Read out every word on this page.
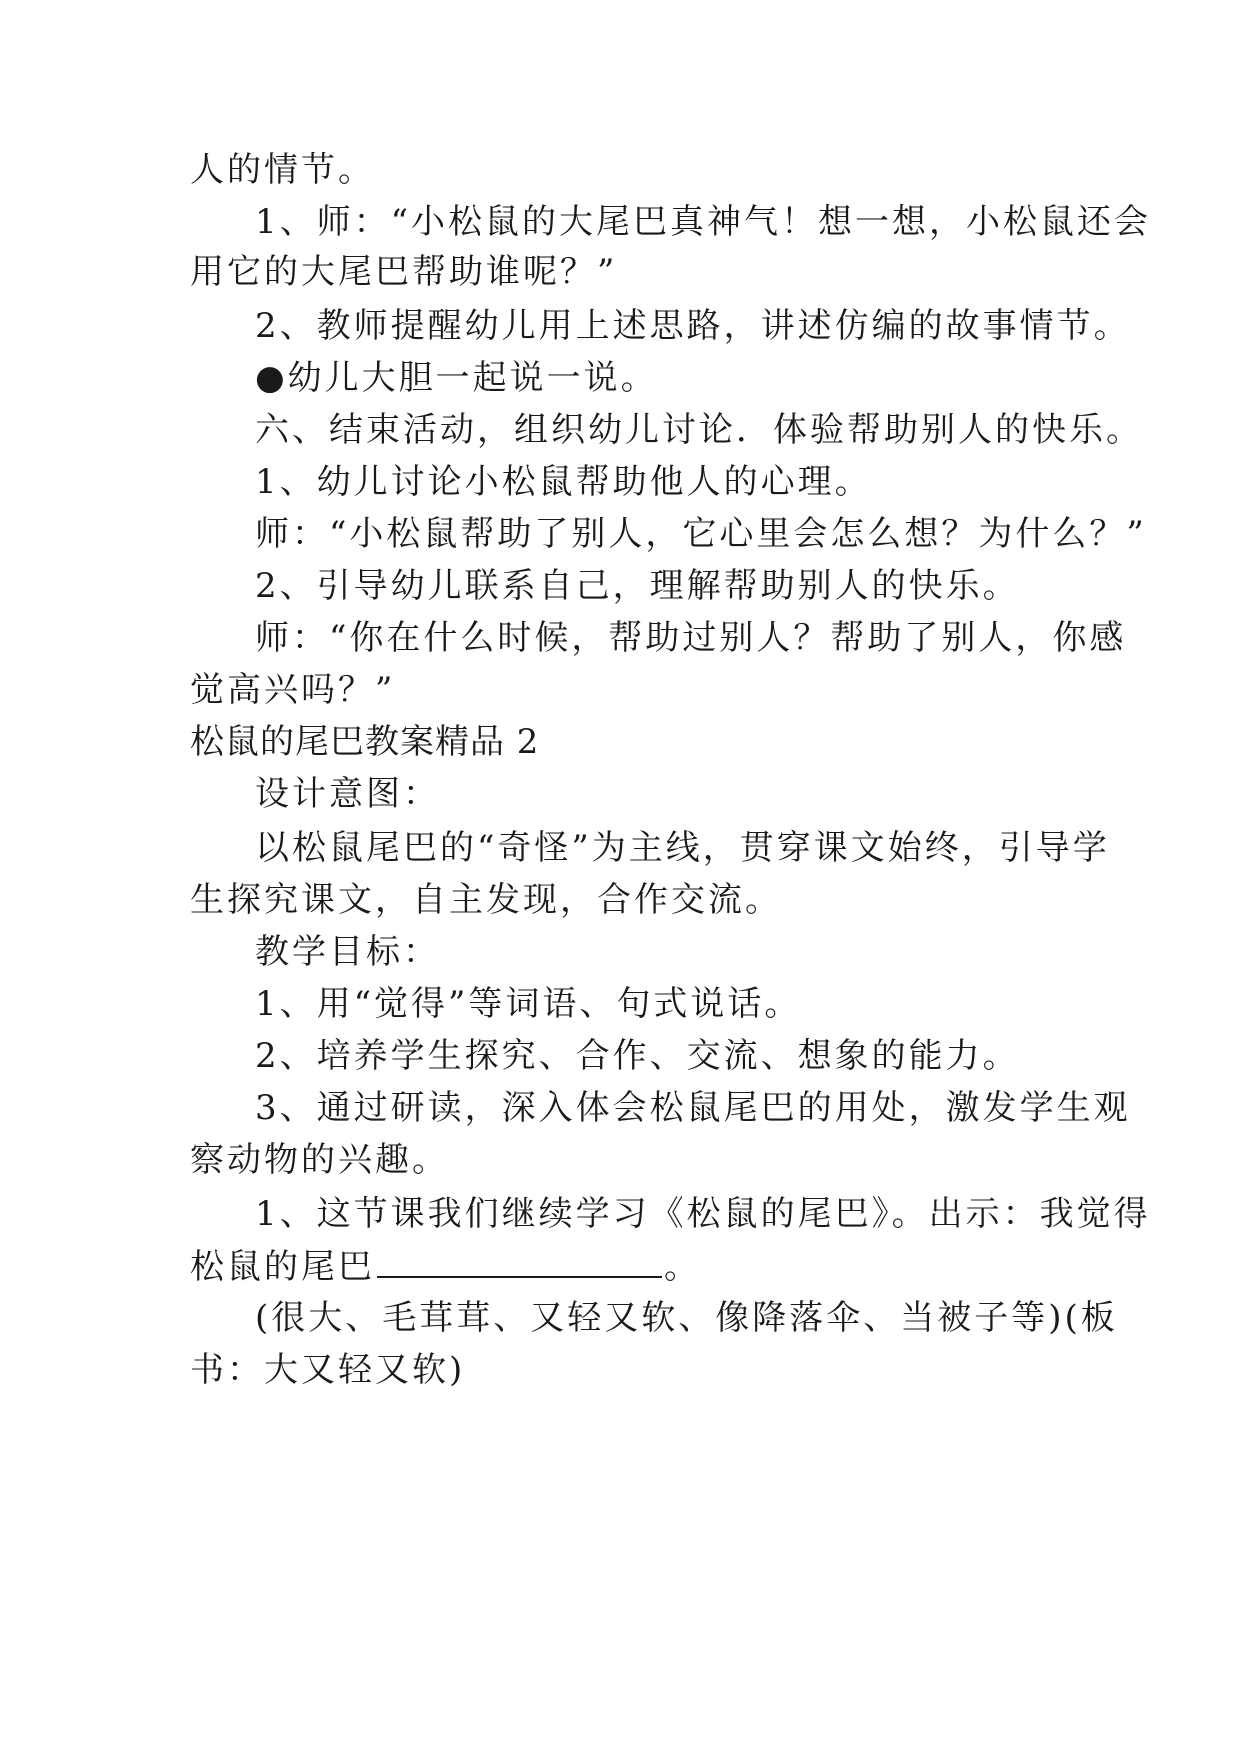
人的情节。
1、师：“小松鼠的大尾巴真神气！想一想，小松鼠还会
用它的大尾巴帮助谁呢？”
2、教师提醒幼儿用上述思路，讲述仿编的故事情节。
●幼儿大胆一起说一说。
六、结束活动，组织幼儿讨论．体验帮助别人的快乐。
1、幼儿讨论小松鼠帮助他人的心理。
师：“小松鼠帮助了别人，它心里会怎么想？为什么？”
2、引导幼儿联系自己，理解帮助别人的快乐。
师：“你在什么时候，帮助过别人？帮助了别人，你感
觉高兴吗？”
松鼠的尾巴教案精品 2
设计意图：
以松鼠尾巴的“奇怪”为主线，贯穿课文始终，引导学
生探究课文，自主发现，合作交流。
教学目标：
1、用“觉得”等词语、句式说话。
2、培养学生探究、合作、交流、想象的能力。
3、通过研读，深入体会松鼠尾巴的用处，激发学生观
察动物的兴趣。
1、这节课我们继续学习《松鼠的尾巴》。出示：我觉得
松鼠的尾巴	。
(很大、毛茸茸、又轻又软、像降落伞、当被子等)(板
书：大又轻又软)
